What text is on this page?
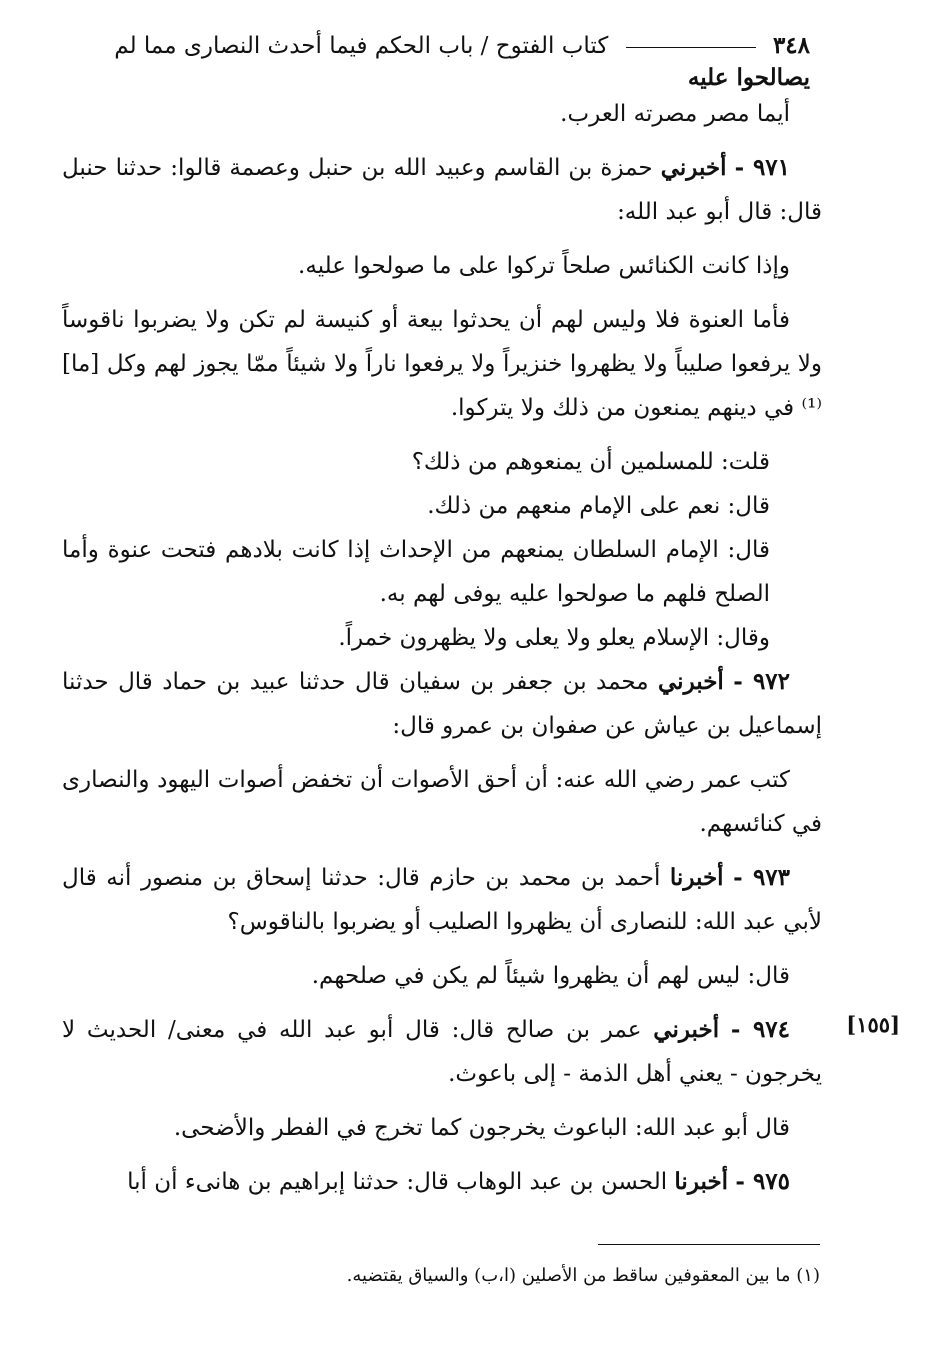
٣٤٨  كتاب الفتوح / باب الحكم فيما أحدث النصارى مما لم
يصالحوا عليه

أيما مصر مصرته العرب.

٩٧١ - أخبرني حمزة بن القاسم وعبيد الله بن حنبل وعصمة قالوا: حدثنا حنبل قال: قال أبو عبد الله:

وإذا كانت الكنائس صلحاً تركوا على ما صولحوا عليه.

فأما العنوة فلا وليس لهم أن يحدثوا بيعة أو كنيسة لم تكن ولا يضربوا ناقوساً ولا يرفعوا صليباً ولا يظهروا خنزيراً ولا يرفعوا ناراً ولا شيئاً ممّا يجوز لهم وكل [ما]⁽¹⁾ في دينهم يمنعون من ذلك ولا يتركوا.

قلت: للمسلمين أن يمنعوهم من ذلك؟

قال: نعم على الإمام منعهم من ذلك.

قال: الإمام السلطان يمنعهم من الإحداث إذا كانت بلادهم فتحت عنوة وأما الصلح فلهم ما صولحوا عليه يوفى لهم به.

وقال: الإسلام يعلو ولا يعلى ولا يظهرون خمراً.

٩٧٢ - أخبرني محمد بن جعفر بن سفيان قال حدثنا عبيد بن حماد قال حدثنا إسماعيل بن عياش عن صفوان بن عمرو قال:

كتب عمر رضي الله عنه: أن أحق الأصوات أن تخفض أصوات اليهود والنصارى في كنائسهم.

٩٧٣ - أخبرنا أحمد بن محمد بن حازم قال: حدثنا إسحاق بن منصور أنه قال لأبي عبد الله: للنصارى أن يظهروا الصليب أو يضربوا بالناقوس؟

قال: ليس لهم أن يظهروا شيئاً لم يكن في صلحهم.

٩٧٤ - أخبرني عمر بن صالح قال: قال أبو عبد الله في معنى/ الحديث لا يخرجون - يعني أهل الذمة - إلى باعوث.

قال أبو عبد الله: الباعوث يخرجون كما تخرج في الفطر والأضحى.

٩٧٥ - أخبرنا الحسن بن عبد الوهاب قال: حدثنا إبراهيم بن هانىء أن أبا

[١٥٥]
(١) ما بين المعقوفين ساقط من الأصلين (ا،ب) والسياق يقتضيه.
